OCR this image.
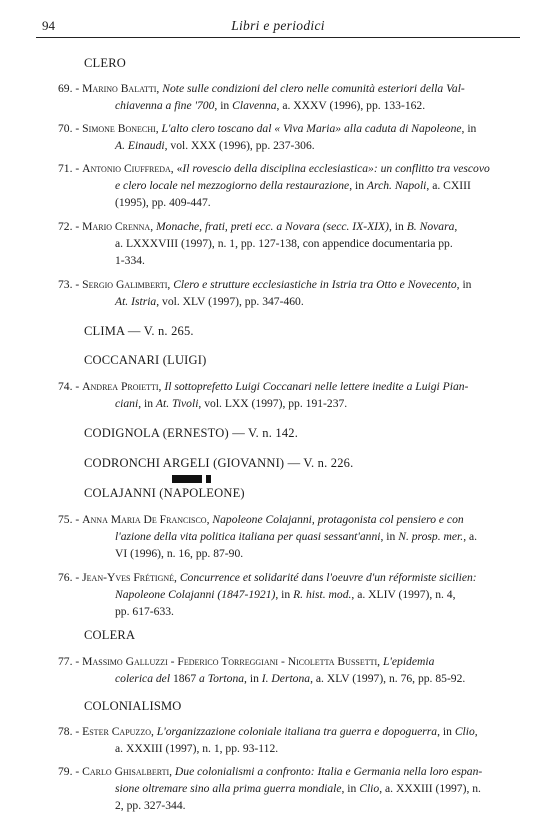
94	Libri e periodici
CLERO
69. - Marino Balatti, Note sulle condizioni del clero nelle comunità esteriori della Val-
chiavenna a fine '700, in Clavenna, a. XXXV (1996), pp. 133-162.
70. - Simone Bonechi, L'alto clero toscano dal « Viva Maria» alla caduta di Napoleone, in
A. Einaudi, vol. XXX (1996), pp. 237-306.
71. - Antonio Ciuffreda, «Il rovescio della disciplina ecclesiastica»: un conflitto tra vescovo
e clero locale nel mezzogiorno della restaurazione, in Arch. Napoli, a. CXIII
(1995), pp. 409-447.
72. - Mario Crenna, Monache, frati, preti ecc. a Novara (secc. IX-XIX), in B. Novara,
a. LXXXVIII (1997), n. 1, pp. 127-138, con appendice documentaria pp.
1-334.
73. - Sergio Galimberti, Clero e strutture ecclesiastiche in Istria tra Otto e Novecento, in
At. Istria, vol. XLV (1997), pp. 347-460.
CLIMA — V. n. 265.
COCCANARI (LUIGI)
74. - Andrea Proietti, Il sottoprefetto Luigi Coccanari nelle lettere inedite a Luigi Pian-
ciani, in At. Tivoli, vol. LXX (1997), pp. 191-237.
CODIGNOLA (ERNESTO) — V. n. 142.
CODRONCHI ARGELI (GIOVANNI) — V. n. 226.
COLAJANNI (NAPOLEONE)
75. - Anna Maria De Francisco, Napoleone Colajanni, protagonista col pensiero e con
l'azione della vita politica italiana per quasi sessant'anni, in N. prosp. mer., a.
VI (1996), n. 16, pp. 87-90.
76. - Jean-Yves Frétigné, Concurrence et solidarité dans l'oeuvre d'un réformiste sicilien:
Napoleone Colajanni (1847-1921), in R. hist. mod., a. XLIV (1997), n. 4,
pp. 617-633.
COLERA
77. - Massimo Galluzzi - Federico Torreggiani - Nicoletta Bussetti, L'epidemia
colerica del 1867 a Tortona, in I. Dertona, a. XLV (1997), n. 76, pp. 85-92.
COLONIALISMO
78. - Ester Capuzzo, L'organizzazione coloniale italiana tra guerra e dopoguerra, in Clio,
a. XXXIII (1997), n. 1, pp. 93-112.
79. - Carlo Ghisalberti, Due colonialismi a confronto: Italia e Germania nella loro espan-
sione oltremare sino alla prima guerra mondiale, in Clio, a. XXXIII (1997), n.
2, pp. 327-344.
